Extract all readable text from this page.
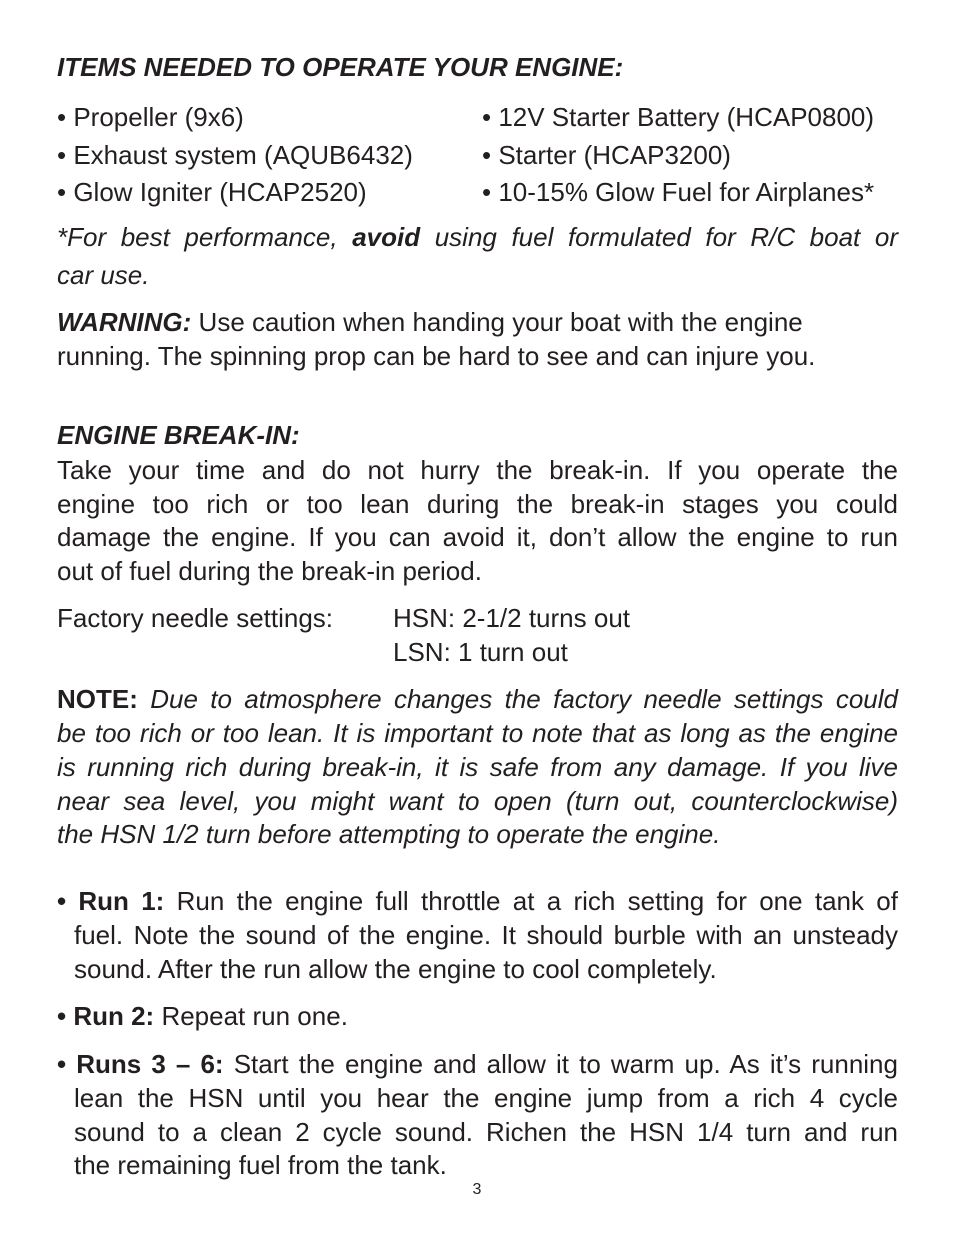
ITEMS NEEDED TO OPERATE YOUR ENGINE:
• Propeller (9x6)	• 12V Starter Battery (HCAP0800)
• Exhaust system (AQUB6432)	• Starter (HCAP3200)
• Glow Igniter (HCAP2520)	• 10-15% Glow Fuel for Airplanes*
*For best performance, avoid using fuel formulated for R/C boat or
car use.
WARNING: Use caution when handing your boat with the engine
running. The spinning prop can be hard to see and can injure you.
ENGINE BREAK-IN:
Take your time and do not hurry the break-in. If you operate the
engine too rich or too lean during the break-in stages you could
damage the engine. If you can avoid it, don’t allow the engine to run
out of fuel during the break-in period.
Factory needle settings: HSN: 2-1/2 turns out
LSN: 1 turn out
NOTE: Due to atmosphere changes the factory needle settings could
be too rich or too lean. It is important to note that as long as the engine
is running rich during break-in, it is safe from any damage. If you live
near sea level, you might want to open (turn out, counterclockwise)
the HSN 1/2 turn before attempting to operate the engine.
• Run 1: Run the engine full throttle at a rich setting for one tank of
fuel. Note the sound of the engine. It should burble with an unsteady
sound. After the run allow the engine to cool completely.
• Run 2: Repeat run one.
• Runs 3 – 6: Start the engine and allow it to warm up. As it’s running
lean the HSN until you hear the engine jump from a rich 4 cycle
sound to a clean 2 cycle sound. Richen the HSN 1/4 turn and run
the remaining fuel from the tank.
3
